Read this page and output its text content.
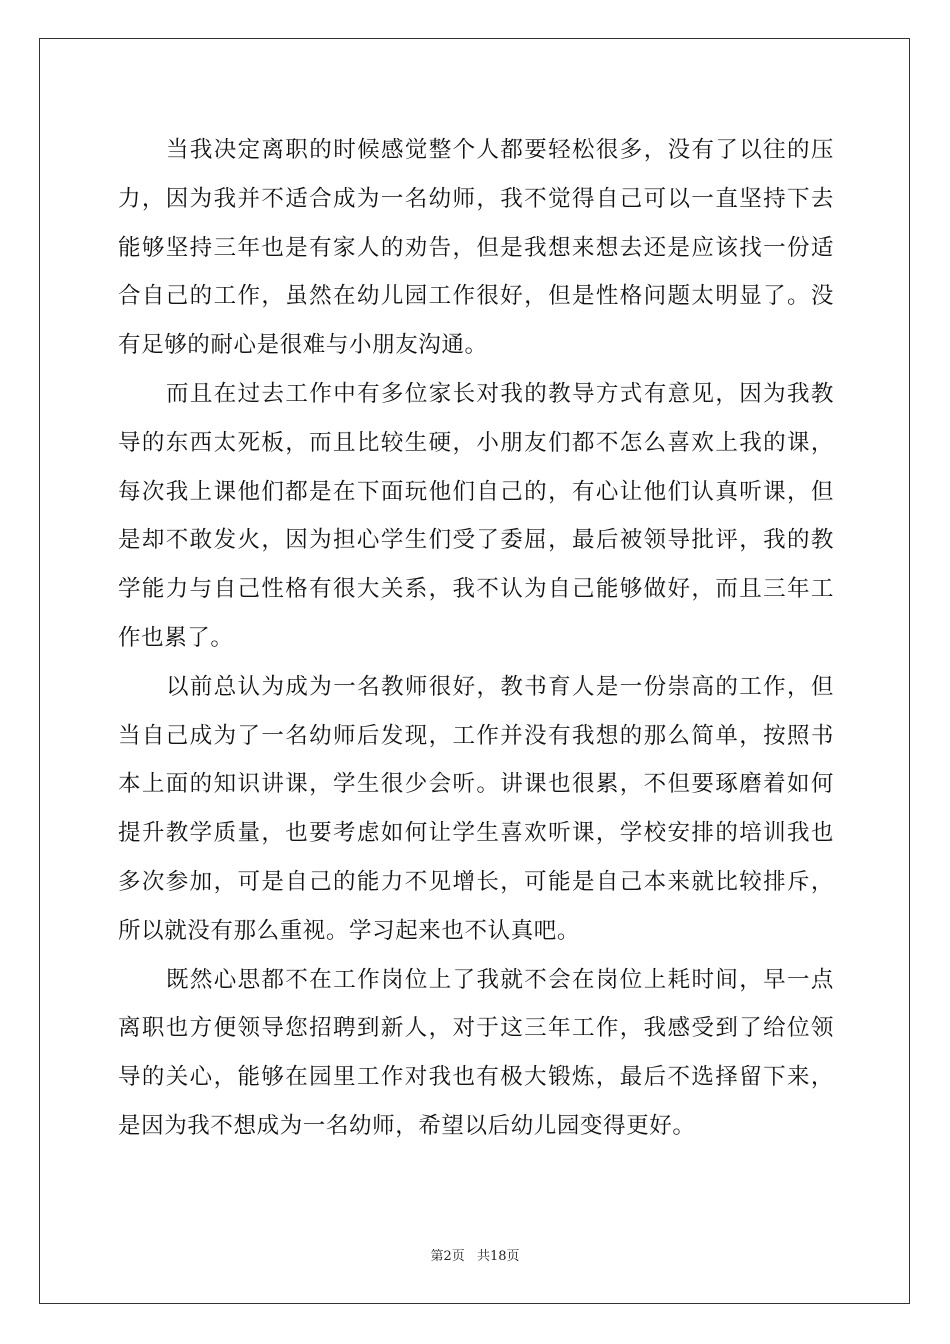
当我决定离职的时候感觉整个人都要轻松很多，没有了以往的压
力，因为我并不适合成为一名幼师，我不觉得自己可以一直坚持下去
能够坚持三年也是有家人的劝告，但是我想来想去还是应该找一份适
合自己的工作，虽然在幼儿园工作很好，但是性格问题太明显了。没
有足够的耐心是很难与小朋友沟通。

而且在过去工作中有多位家长对我的教导方式有意见，因为我教
导的东西太死板，而且比较生硬，小朋友们都不怎么喜欢上我的课，
每次我上课他们都是在下面玩他们自己的，有心让他们认真听课，但
是却不敢发火，因为担心学生们受了委屈，最后被领导批评，我的教
学能力与自己性格有很大关系，我不认为自己能够做好，而且三年工
作也累了。

以前总认为成为一名教师很好，教书育人是一份崇高的工作，但
当自己成为了一名幼师后发现，工作并没有我想的那么简单，按照书
本上面的知识讲课，学生很少会听。讲课也很累，不但要琢磨着如何
提升教学质量，也要考虑如何让学生喜欢听课，学校安排的培训我也
多次参加，可是自己的能力不见增长，可能是自己本来就比较排斥，
所以就没有那么重视。学习起来也不认真吧。

既然心思都不在工作岗位上了我就不会在岗位上耗时间，早一点
离职也方便领导您招聘到新人，对于这三年工作，我感受到了给位领
导的关心，能够在园里工作对我也有极大锻炼，最后不选择留下来，
是因为我不想成为一名幼师，希望以后幼儿园变得更好。

第2页 共18页
